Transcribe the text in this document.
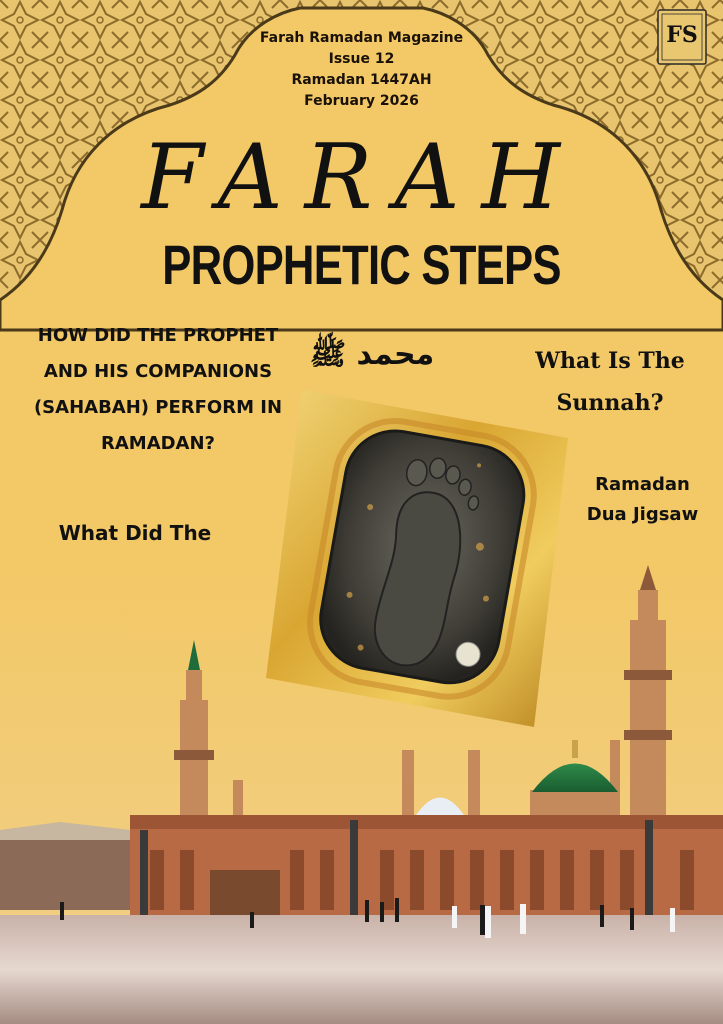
FS
Farah Ramadan Magazine
Issue 12
Ramadan 1447AH
February 2026
FARAH
PROPHETIC STEPS
HOW DID THE PROPHET
AND HIS COMPANIONS
(SAHABAH) PERFORM IN
RAMADAN?
محمد ﷺ	What Is The
Sunnah?
Ramadan
Dua Jigsaw
What Did The
